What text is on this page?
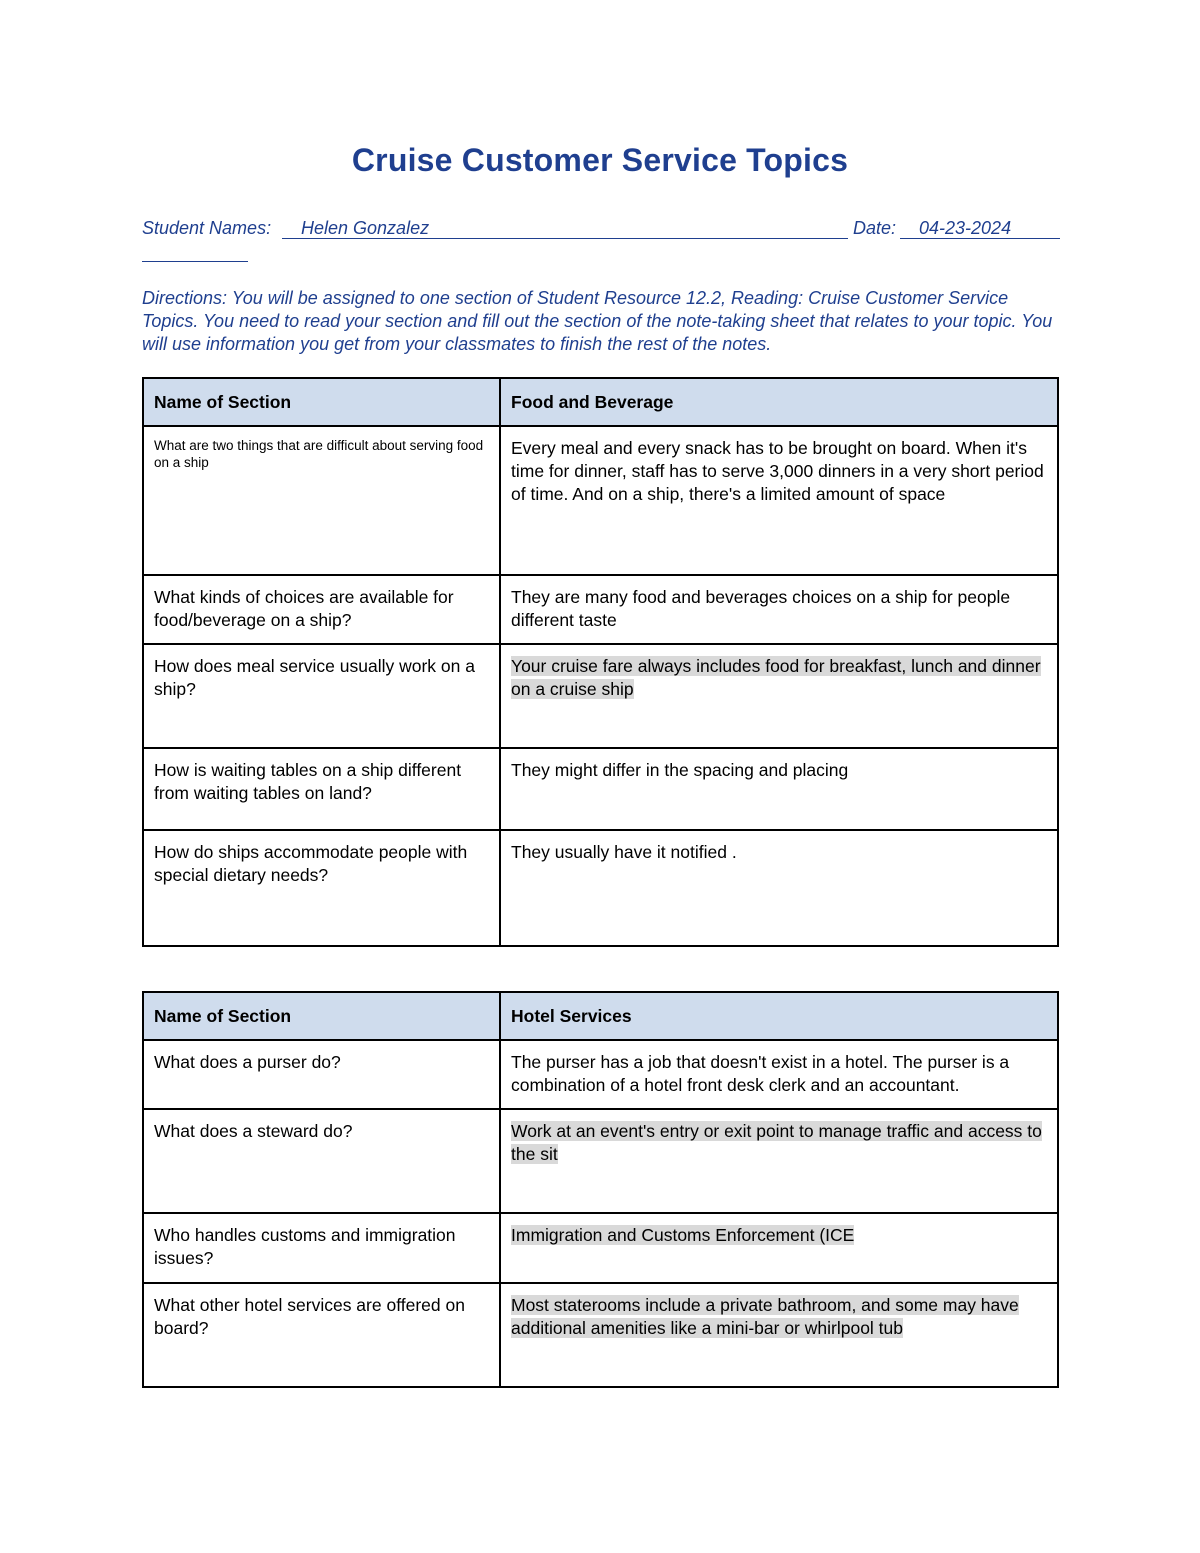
Cruise Customer Service Topics
Student Names: Helen Gonzalez	Date: 04-23-2024
Directions: You will be assigned to one section of Student Resource 12.2, Reading: Cruise Customer Service Topics. You need to read your section and fill out the section of the note-taking sheet that relates to your topic. You will use information you get from your classmates to finish the rest of the notes.
Name of Section	Food and Beverage
What are two things that are difficult about serving food on a ship	Every meal and every snack has to be brought on board. When it's time for dinner, staff has to serve 3,000 dinners in a very short period of time. And on a ship, there's a limited amount of space
What kinds of choices are available for food/beverage on a ship?	They are many food and beverages choices on a ship for people different taste
How does meal service usually work on a ship?	Your cruise fare always includes food for breakfast, lunch and dinner on a cruise ship
How is waiting tables on a ship different from waiting tables on land?	They might differ in the spacing and placing
How do ships accommodate people with special dietary needs?	They usually have it notified .
Name of Section	Hotel Services
What does a purser do?	The purser has a job that doesn't exist in a hotel. The purser is a combination of a hotel front desk clerk and an accountant.
What does a steward do?	Work at an event's entry or exit point to manage traffic and access to the sit
Who handles customs and immigration issues?	Immigration and Customs Enforcement (ICE
What other hotel services are offered on board?	Most staterooms include a private bathroom, and some may have additional amenities like a mini-bar or whirlpool tub
